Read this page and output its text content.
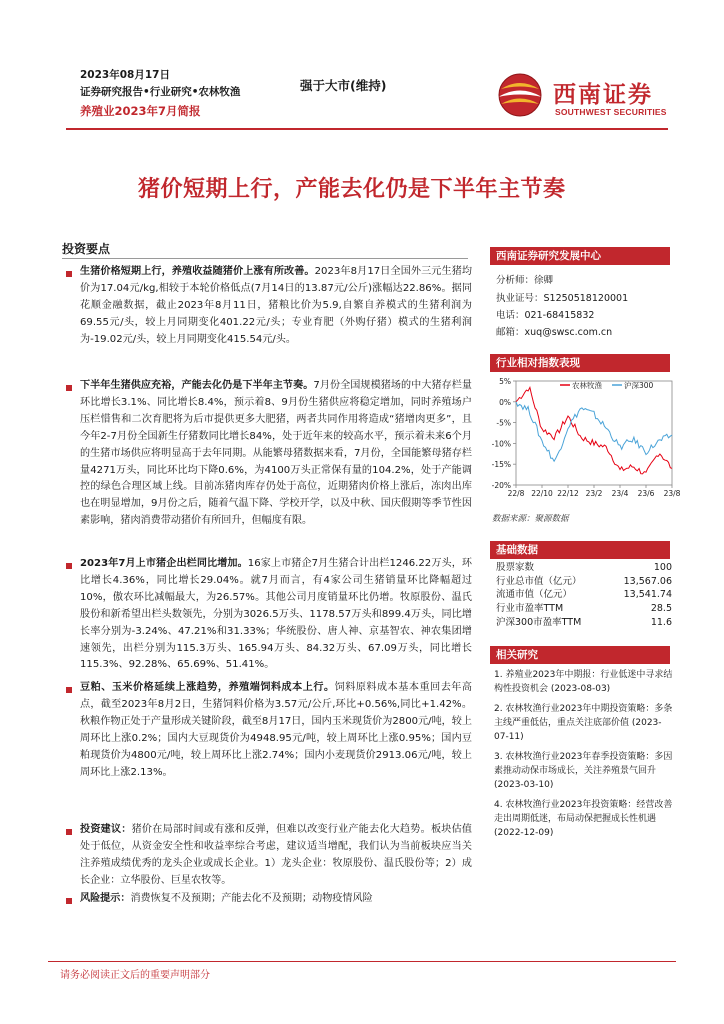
2023年08月17日
证券研究报告•行业研究•农林牧渔
养殖业2023年7月简报
强于大市(维持)	西南证券
SOUTHWEST SECURITIES
猪价短期上行，产能去化仍是下半年主节奏
投资要点
生猪价格短期上行，养殖收益随猪价上涨有所改善。2023年8月17日全国外三元生猪均价为17.04元/kg,相较于本轮价格低点(7月14日的13.87元/公斤)涨幅达22.86%。据同花顺金融数据，截止2023年8月11日，猪粮比价为5.9,自繁自养模式的生猪利润为69.55元/头，较上月同期变化401.22元/头；专业育肥（外购仔猪）模式的生猪利润为-19.02元/头，较上月同期变化415.54元/头。
下半年生猪供应充裕，产能去化仍是下半年主节奏。7月份全国规模猪场的中大猪存栏量环比增长3.1%、同比增长8.4%，预示着8、9月份生猪供应将稳定增加，同时养殖场户压栏惜售和二次育肥将为后市提供更多大肥猪，两者共同作用将造成“猪增肉更多”，且今年2-7月份全国新生仔猪数同比增长84%，处于近年来的较高水平，预示着未来6个月的生猪市场供应将明显高于去年同期。从能繁母猪数据来看，7月份，全国能繁母猪存栏量4271万头，同比环比均下降0.6%，为4100万头正常保有量的104.2%，处于产能调控的绿色合理区域上线。目前冻猪肉库存仍处于高位，近期猪肉价格上涨后，冻肉出库也在明显增加，9月份之后，随着气温下降、学校开学，以及中秋、国庆假期等季节性因素影响，猪肉消费带动猪价有所回升，但幅度有限。
2023年7月上市猪企出栏同比增加。16家上市猪企7月生猪合计出栏1246.22万头，环比增长4.36%，同比增长29.04%。就7月而言，有4家公司生猪销量环比降幅超过10%，傲农环比减幅最大，为26.57%。其他公司月度销量环比仍增。牧原股份、温氏股份和新希望出栏头数领先，分别为3026.5万头、1178.57万头和899.4万头，同比增长率分别为-3.24%、47.21%和31.33%；华统股份、唐人神、京基智农、神农集团增速领先，出栏分别为115.3万头、165.94万头、84.32万头、67.09万头，同比增长115.3%、92.28%、65.69%、51.41%。
豆粕、玉米价格延续上涨趋势，养殖端饲料成本上行。饲料原料成本基本重回去年高点，截至2023年8月2日，生猪饲料价格为3.57元/公斤,环比+0.56%,同比+1.42%。秋粮作物正处于产量形成关键阶段，截至8月17日，国内玉米现货价为2800元/吨，较上周环比上涨0.2%；国内大豆现货价为4948.95元/吨，较上周环比上涨0.95%；国内豆粕现货价为4800元/吨，较上周环比上涨2.74%；国内小麦现货价2913.06元/吨，较上周环比上涨2.13%。
投资建议：猪价在局部时间或有涨和反弹，但难以改变行业产能去化大趋势。板块估值处于低位，从资金安全性和收益率综合考虑，建议适当增配，我们认为当前板块应当关注养殖成绩优秀的龙头企业或成长企业。1）龙头企业：牧原股份、温氏股份等；2）成长企业：立华股份、巨星农牧等。
风险提示：消费恢复不及预期；产能去化不及预期；动物疫情风险
西南证券研究发展中心
分析师：徐卿
执业证号：S1250518120001
电话：021-68415832
邮箱：xuq@swsc.com.cn
行业相对指数表现
5%
0%
-5%
-10%
-15%
-20%
22/8 22/10 22/12 23/2 23/4 23/6 23/8
农林牧渔	沪深300
数据来源：聚源数据
基础数据
股票家数	100
行业总市值（亿元）	13,567.06
流通市值（亿元）	13,541.74
行业市盈率TTM	28.5
沪深300市盈率TTM	11.6
相关研究
1. 养殖业2023年中期报：行业低迷中寻求结构性投资机会 (2023-08-03)
2. 农林牧渔行业2023年中期投资策略：多条主线严重低估，重点关注底部价值 (2023-07-11)
3. 农林牧渔行业2023年春季投资策略：多因素推动动保市场成长，关注养殖景气回升 (2023-03-10)
4. 农林牧渔行业2023年投资策略：经营改善走出周期低迷，布局动保把握成长性机遇 (2022-12-09)
请务必阅读正文后的重要声明部分
